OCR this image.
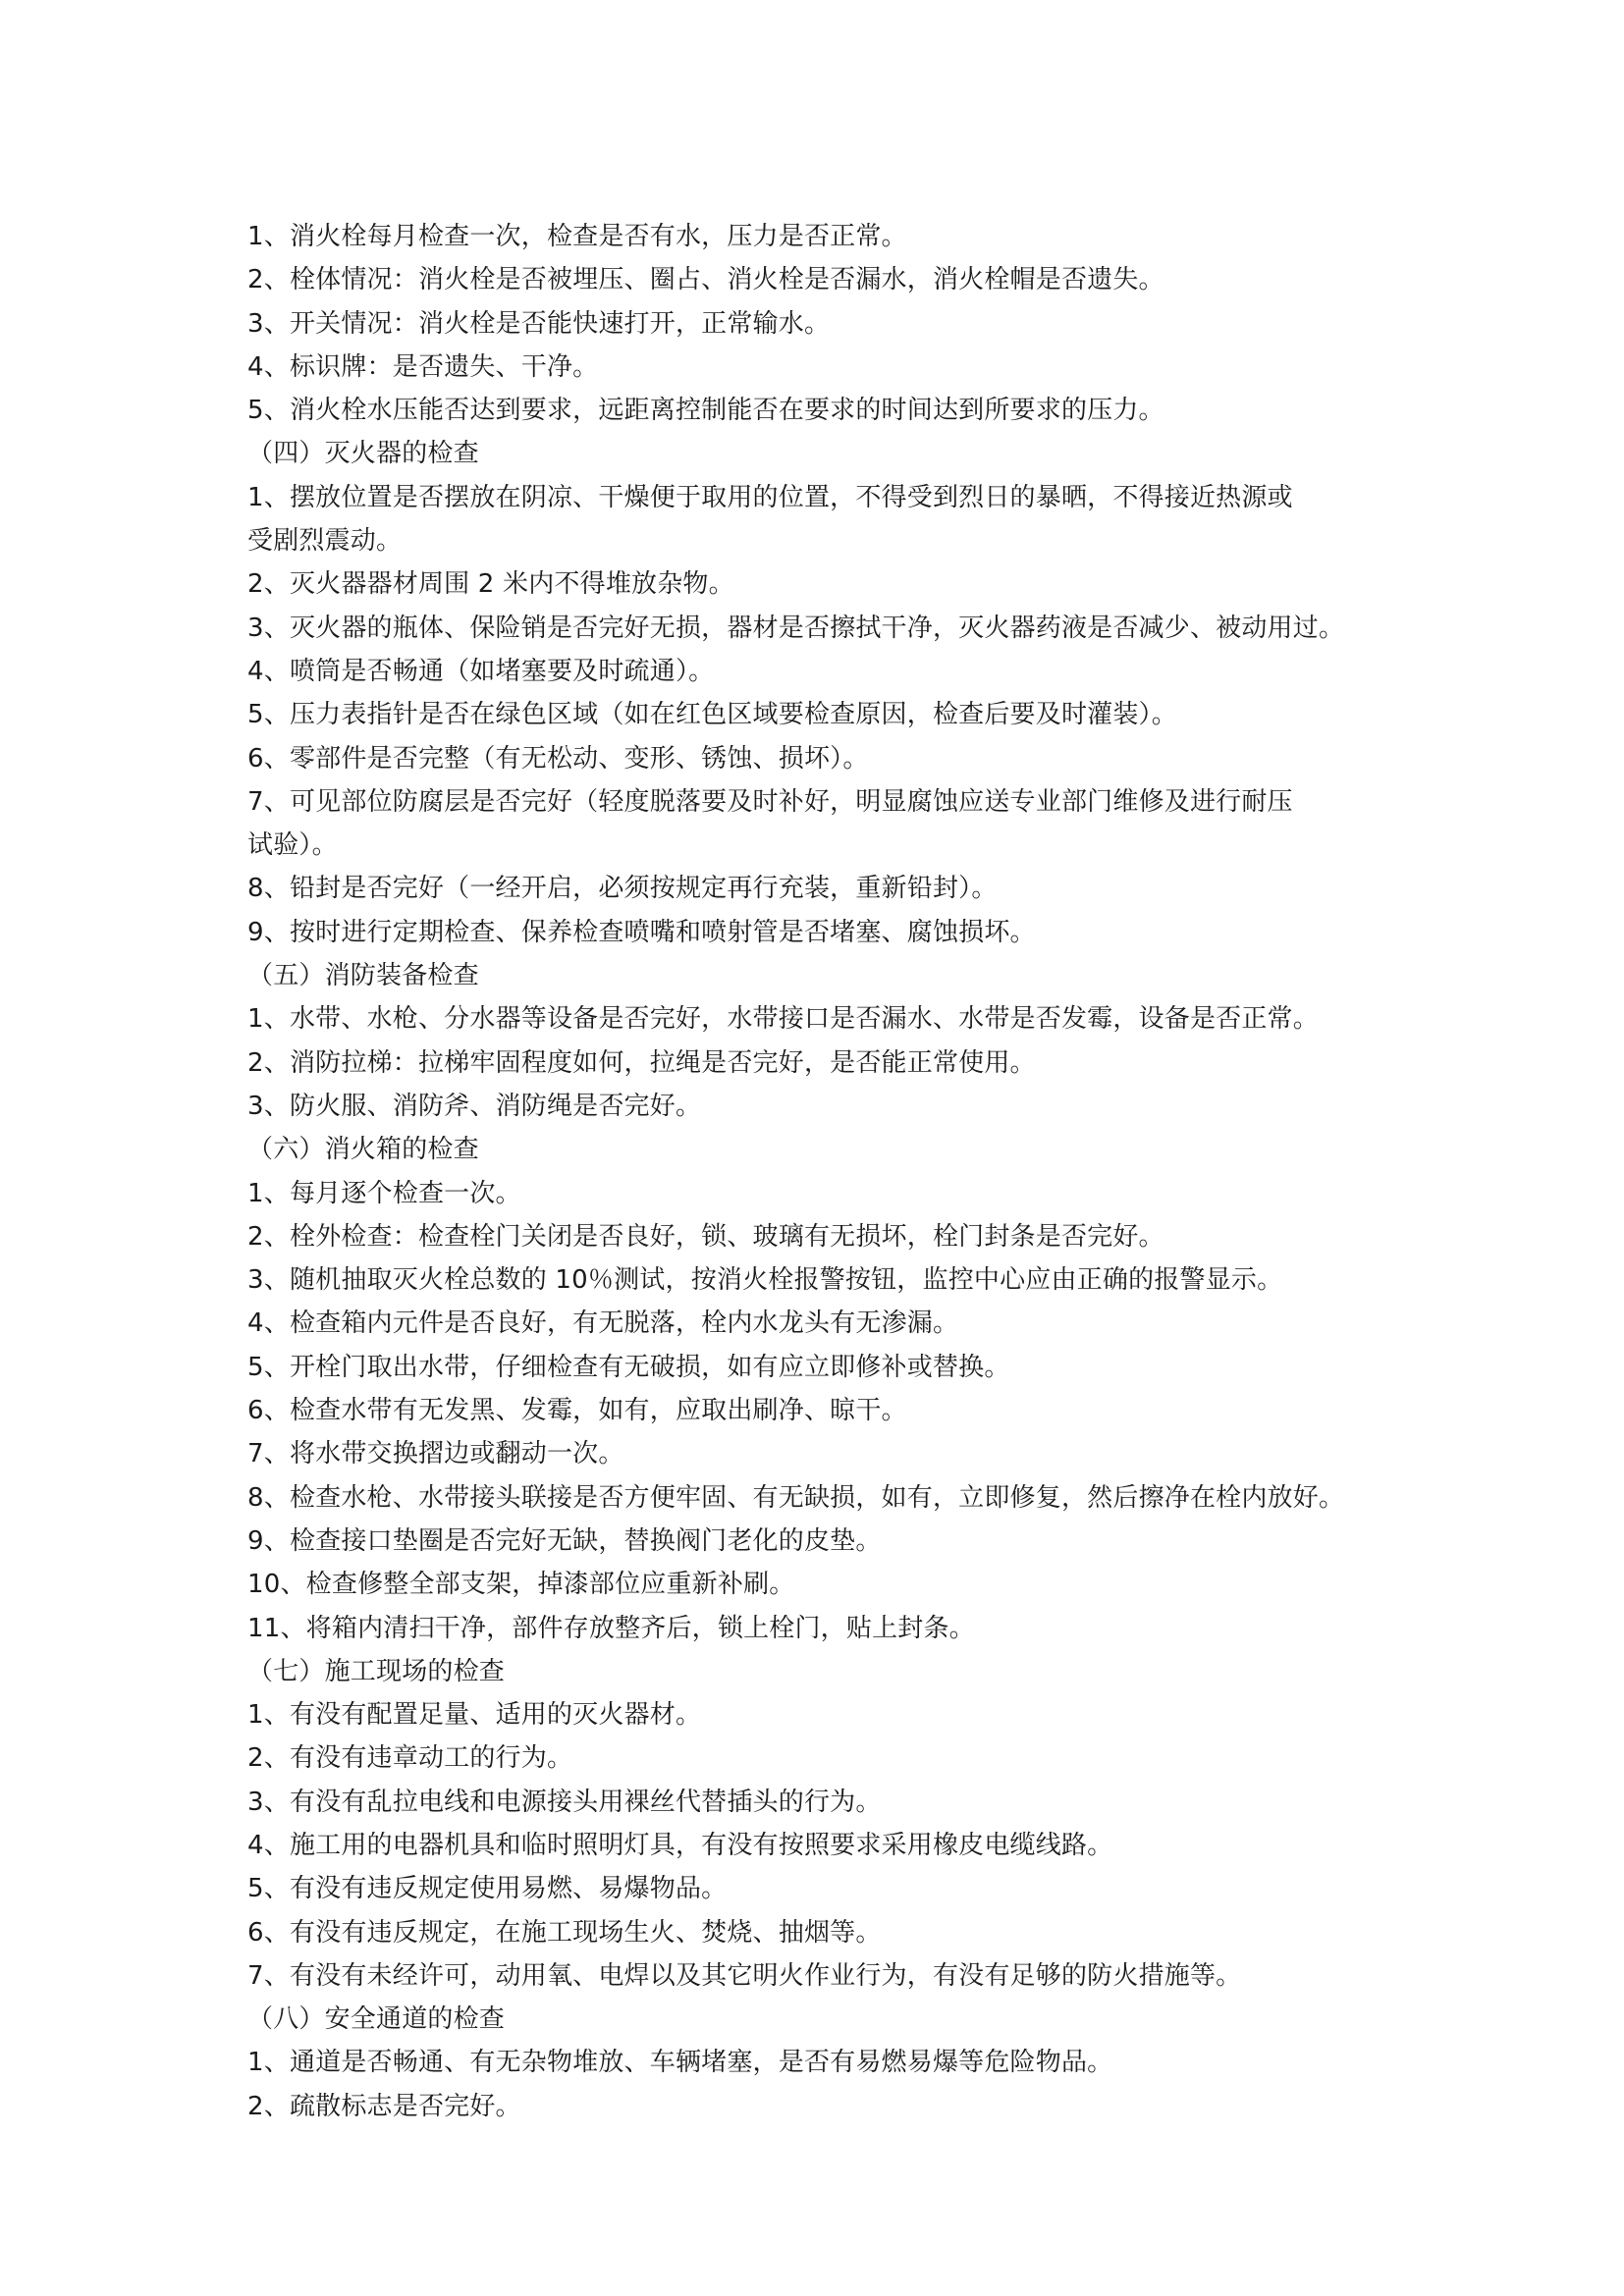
1、消火栓每月检查一次，检查是否有水，压力是否正常。
2、栓体情况：消火栓是否被埋压、圈占、消火栓是否漏水，消火栓帽是否遗失。
3、开关情况：消火栓是否能快速打开，正常输水。
4、标识牌：是否遗失、干净。
5、消火栓水压能否达到要求，远距离控制能否在要求的时间达到所要求的压力。
（四）灭火器的检查
1、摆放位置是否摆放在阴凉、干燥便于取用的位置，不得受到烈日的暴晒，不得接近热源或
受剧烈震动。
2、灭火器器材周围 2 米内不得堆放杂物。
3、灭火器的瓶体、保险销是否完好无损，器材是否擦拭干净，灭火器药液是否减少、被动用过。
4、喷筒是否畅通（如堵塞要及时疏通）。
5、压力表指针是否在绿色区域（如在红色区域要检查原因，检查后要及时灌装）。
6、零部件是否完整（有无松动、变形、锈蚀、损坏）。
7、可见部位防腐层是否完好（轻度脱落要及时补好，明显腐蚀应送专业部门维修及进行耐压
试验）。
8、铅封是否完好（一经开启，必须按规定再行充装，重新铅封）。
9、按时进行定期检查、保养检查喷嘴和喷射管是否堵塞、腐蚀损坏。
（五）消防装备检查
1、水带、水枪、分水器等设备是否完好，水带接口是否漏水、水带是否发霉，设备是否正常。
2、消防拉梯：拉梯牢固程度如何，拉绳是否完好，是否能正常使用。
3、防火服、消防斧、消防绳是否完好。
（六）消火箱的检查
1、每月逐个检查一次。
2、栓外检查：检查栓门关闭是否良好，锁、玻璃有无损坏，栓门封条是否完好。
3、随机抽取灭火栓总数的 10％测试，按消火栓报警按钮，监控中心应由正确的报警显示。
4、检查箱内元件是否良好，有无脱落，栓内水龙头有无渗漏。
5、开栓门取出水带，仔细检查有无破损，如有应立即修补或替换。
6、检查水带有无发黑、发霉，如有，应取出刷净、晾干。
7、将水带交换摺边或翻动一次。
8、检查水枪、水带接头联接是否方便牢固、有无缺损，如有，立即修复，然后擦净在栓内放好。
9、检查接口垫圈是否完好无缺，替换阀门老化的皮垫。
10、检查修整全部支架，掉漆部位应重新补刷。
11、将箱内清扫干净，部件存放整齐后，锁上栓门，贴上封条。
（七）施工现场的检查
1、有没有配置足量、适用的灭火器材。
2、有没有违章动工的行为。
3、有没有乱拉电线和电源接头用裸丝代替插头的行为。
4、施工用的电器机具和临时照明灯具，有没有按照要求采用橡皮电缆线路。
5、有没有违反规定使用易燃、易爆物品。
6、有没有违反规定，在施工现场生火、焚烧、抽烟等。
7、有没有未经许可，动用氧、电焊以及其它明火作业行为，有没有足够的防火措施等。
（八）安全通道的检查
1、通道是否畅通、有无杂物堆放、车辆堵塞，是否有易燃易爆等危险物品。
2、疏散标志是否完好。
